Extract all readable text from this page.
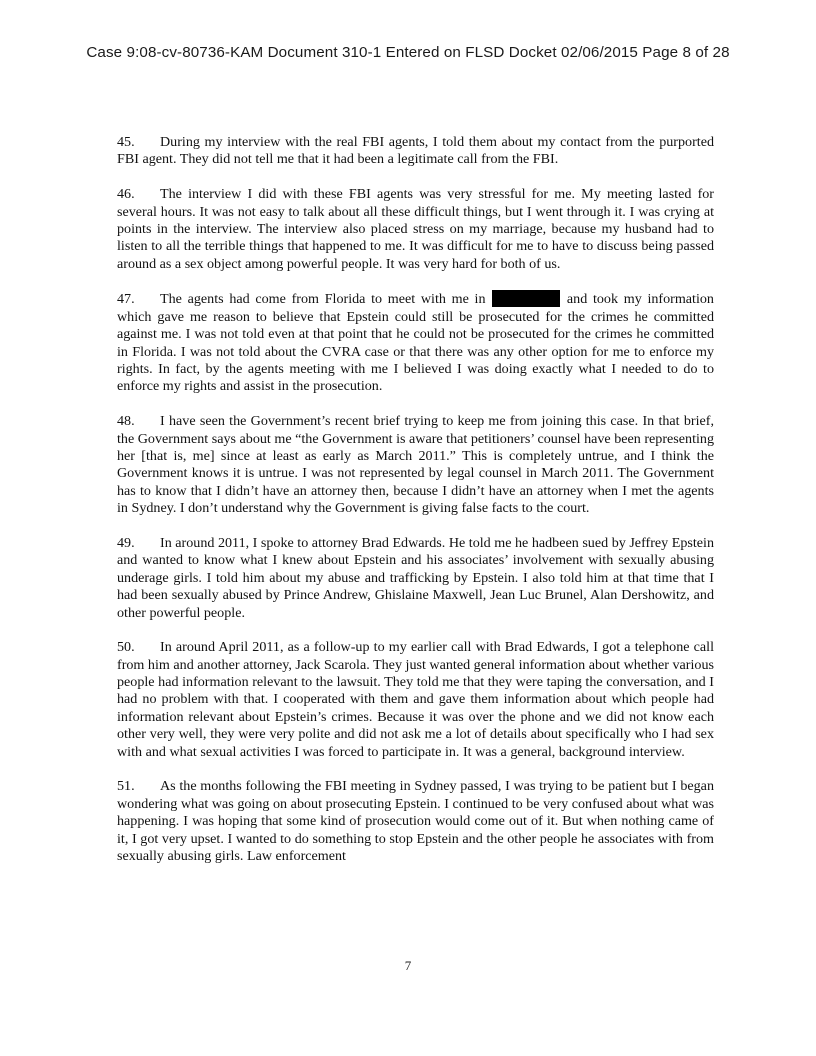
Case 9:08-cv-80736-KAM Document 310-1 Entered on FLSD Docket 02/06/2015 Page 8 of 28

45. During my interview with the real FBI agents, I told them about my contact from the purported FBI agent. They did not tell me that it had been a legitimate call from the FBI.

46. The interview I did with these FBI agents was very stressful for me. My meeting lasted for several hours. It was not easy to talk about all these difficult things, but I went through it. I was crying at points in the interview. The interview also placed stress on my marriage, because my husband had to listen to all the terrible things that happened to me. It was difficult for me to have to discuss being passed around as a sex object among powerful people. It was very hard for both of us.

47. The agents had come from Florida to meet with me in	and took my information which gave me reason to believe that Epstein could still be prosecuted for the crimes he committed against me. I was not told even at that point that he could not be prosecuted for the crimes he committed in Florida. I was not told about the CVRA case or that there was any other option for me to enforce my rights. In fact, by the agents meeting with me I believed I was doing exactly what I needed to do to enforce my rights and assist in the prosecution.

48. I have seen the Government’s recent brief trying to keep me from joining this case. In that brief, the Government says about me “the Government is aware that petitioners’ counsel have been representing her [that is, me] since at least as early as March 2011.” This is completely untrue, and I think the Government knows it is untrue. I was not represented by legal counsel in March 2011. The Government has to know that I didn’t have an attorney then, because I didn’t have an attorney when I met the agents in Sydney. I don’t understand why the Government is giving false facts to the court.

49. In around 2011, I spoke to attorney Brad Edwards. He told me he hadbeen sued by Jeffrey Epstein and wanted to know what I knew about Epstein and his associates’ involvement with sexually abusing underage girls. I told him about my abuse and trafficking by Epstein. I also told him at that time that I had been sexually abused by Prince Andrew, Ghislaine Maxwell, Jean Luc Brunel, Alan Dershowitz, and other powerful people.

50. In around April 2011, as a follow-up to my earlier call with Brad Edwards, I got a telephone call from him and another attorney, Jack Scarola. They just wanted general information about whether various people had information relevant to the lawsuit. They told me that they were taping the conversation, and I had no problem with that. I cooperated with them and gave them information about which people had information relevant about Epstein’s crimes. Because it was over the phone and we did not know each other very well, they were very polite and did not ask me a lot of details about specifically who I had sex with and what sexual activities I was forced to participate in. It was a general, background interview.

51. As the months following the FBI meeting in Sydney passed, I was trying to be patient but I began wondering what was going on about prosecuting Epstein. I continued to be very confused about what was happening. I was hoping that some kind of prosecution would come out of it. But when nothing came of it, I got very upset. I wanted to do something to stop Epstein and the other people he associates with from sexually abusing girls. Law enforcement

7
